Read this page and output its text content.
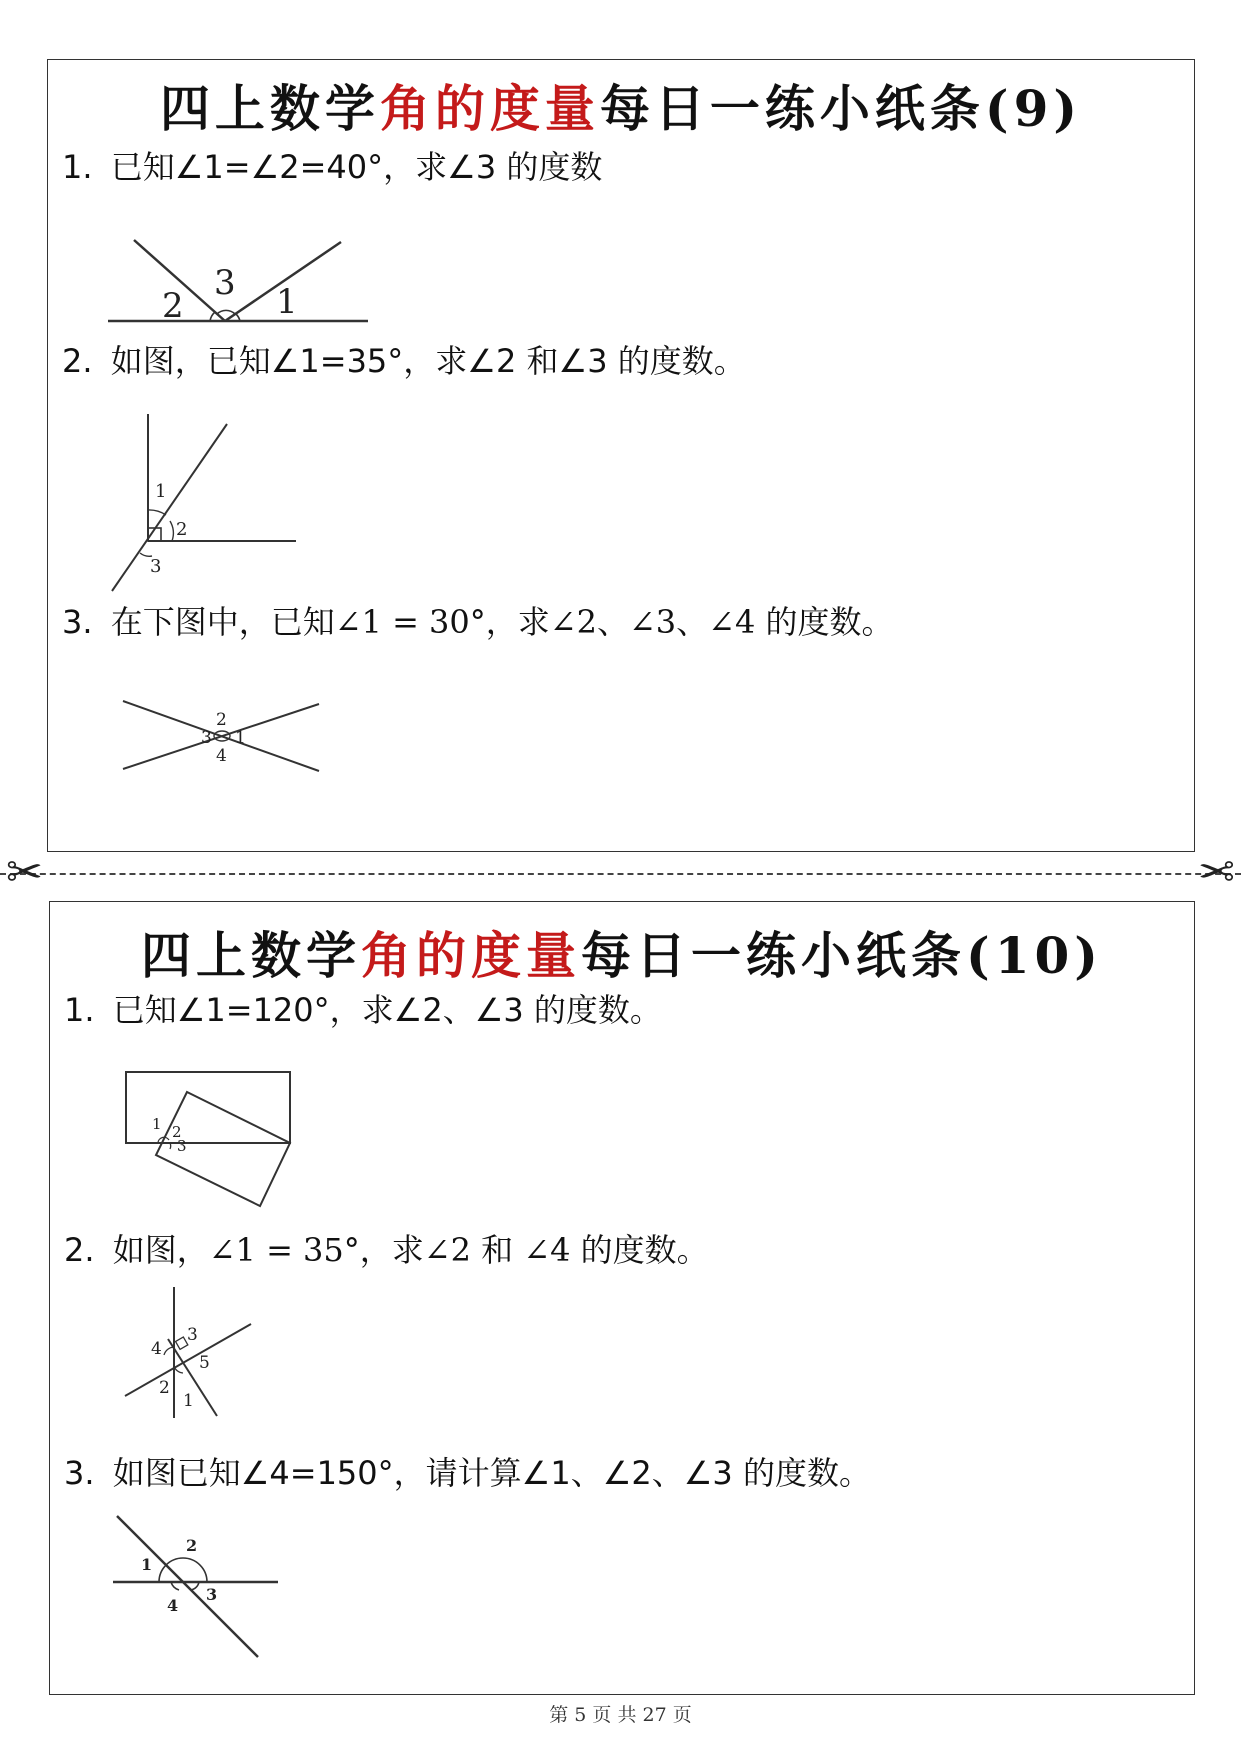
四上数学角的度量每日一练小纸条(9)
1. 已知∠1=∠2=40°，求∠3 的度数
2
3 1
2. 如图，已知∠1=35°，求∠2 和∠3 的度数。
1
2
3
3. 在下图中，已知∠1 = 30°，求∠2、∠3、∠4 的度数。
2
3 1
4
✂	✂
四上数学角的度量每日一练小纸条(10)
1. 已知∠1=120°，求∠2、∠3 的度数。
1 2
3
2. 如图，∠1 = 35°，求∠2 和 ∠4 的度数。
4
3
5
2
1
3. 如图已知∠4=150°，请计算∠1、∠2、∠3 的度数。
2
1
3
4
第 5 页 共 27 页
